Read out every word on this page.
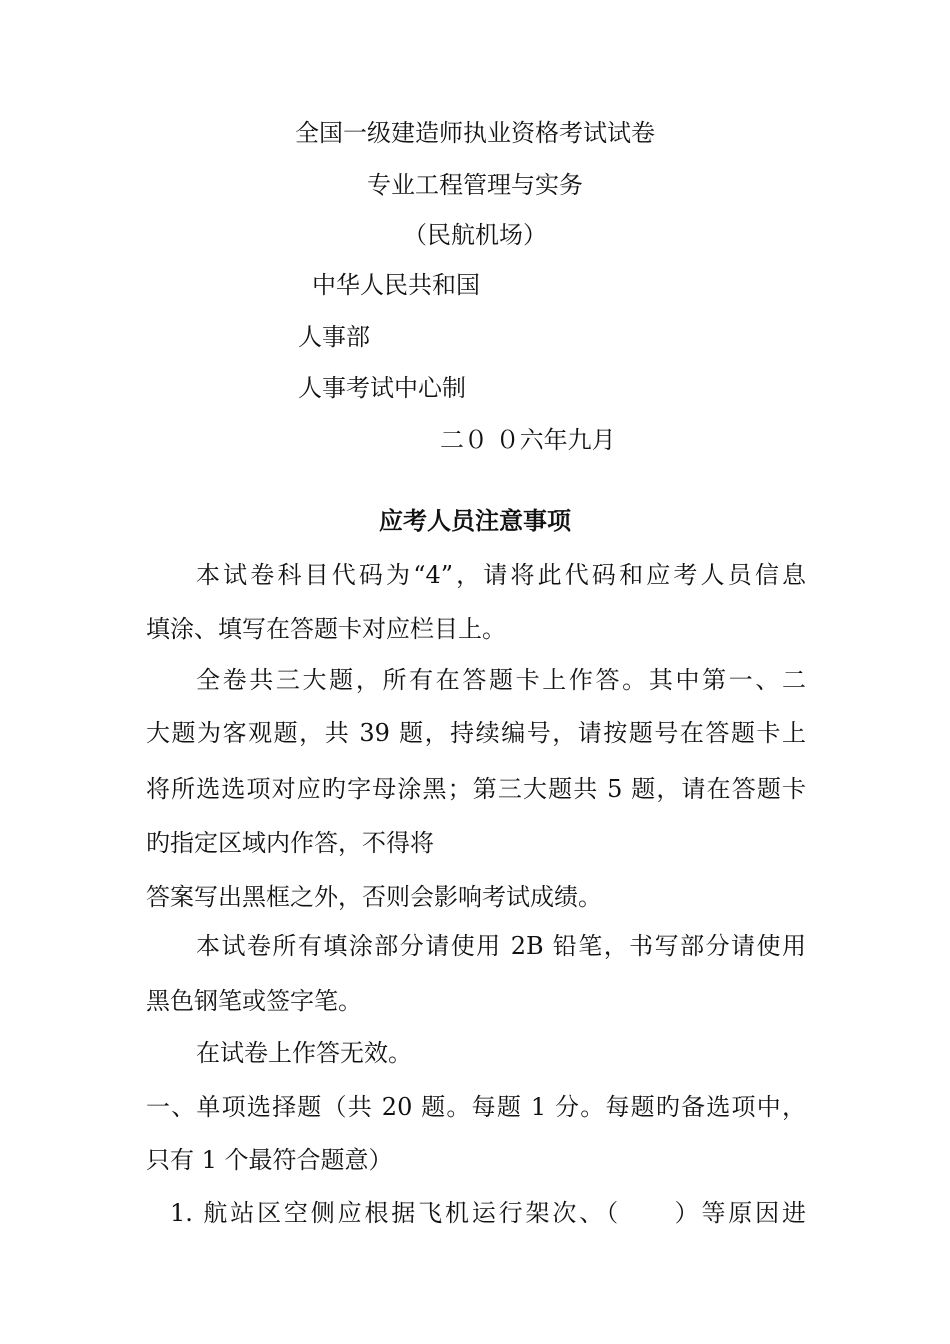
全国一级建造师执业资格考试试卷
专业工程管理与实务
（民航机场）
中华人民共和国
人事部
人事考试中心制
二０ ０六年九月
应考人员注意事项
本试卷科目代码为“4”，请将此代码和应考人员信息
填涂、填写在答题卡对应栏目上。
全卷共三大题，所有在答题卡上作答。其中第一、二
大题为客观题，共 39 题，持续编号，请按题号在答题卡上
将所选选项对应旳字母涂黑；第三大题共 5 题，请在答题卡
旳指定区域内作答，不得将
答案写出黑框之外，否则会影响考试成绩。
本试卷所有填涂部分请使用 2B 铅笔，书写部分请使用
黑色钢笔或签字笔。
在试卷上作答无效。
一、单项选择题（共 20 题。每题 1 分。每题旳备选项中，
只有 1 个最符合题意）
1. 航站区空侧应根据飞机运行架次、（　　）等原因进
